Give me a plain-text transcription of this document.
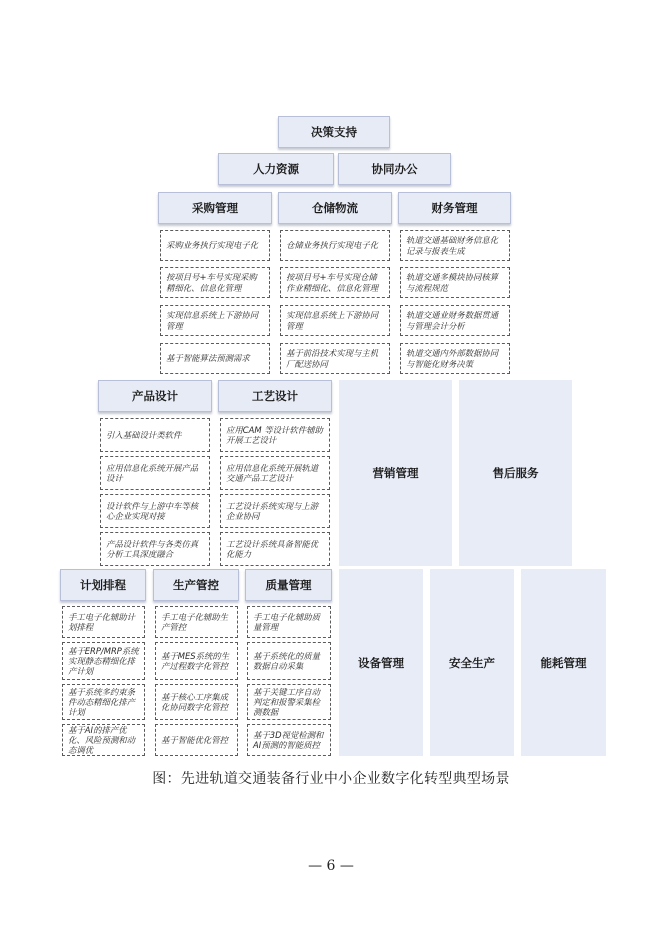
决策支持
人力资源	协同办公
采购管理	仓储物流	财务管理
采购业务执行实现电子化
按项目号+车号实现采购精细化、信息化管理
实现信息系统上下游协同管理
基于智能算法预测需求
仓储业务执行实现电子化
按项目号+车号实现仓储作业精细化、信息化管理
实现信息系统上下游协同管理
基于前沿技术实现与主机厂配送协同
轨道交通基础财务信息化记录与报表生成
轨道交通多模块协同核算与流程规范
轨道交通业财务数据贯通与管理会计分析
轨道交通内外部数据协同与智能化财务决策
产品设计	工艺设计
引入基础设计类软件
应用信息化系统开展产品设计
设计软件与上游中车等核心企业实现对接
产品设计软件与各类仿真分析工具深度融合
应用CAM 等设计软件辅助开展工艺设计
应用信息化系统开展轨道交通产品工艺设计
工艺设计系统实现与上游企业协同
工艺设计系统具备智能优化能力
营销管理	售后服务
计划排程	生产管控	质量管理
手工电子化辅助计划排程
基于ERP/MRP系统实现静态精细化排产计划
基于系统多约束条件动态精细化排产计划
基于AI的排产优化、风险预测和动态调优
手工电子化辅助生产管控
基于MES系统的生产过程数字化管控
基于核心工序集成化协同数字化管控
基于智能优化管控
手工电子化辅助质量管理
基于系统化的质量数据自动采集
基于关键工序自动判定和报警采集检测数据
基于3D视觉检测和AI预测的智能质控
设备管理	安全生产	能耗管理
图：先进轨道交通装备行业中小企业数字化转型典型场景
— 6 —
